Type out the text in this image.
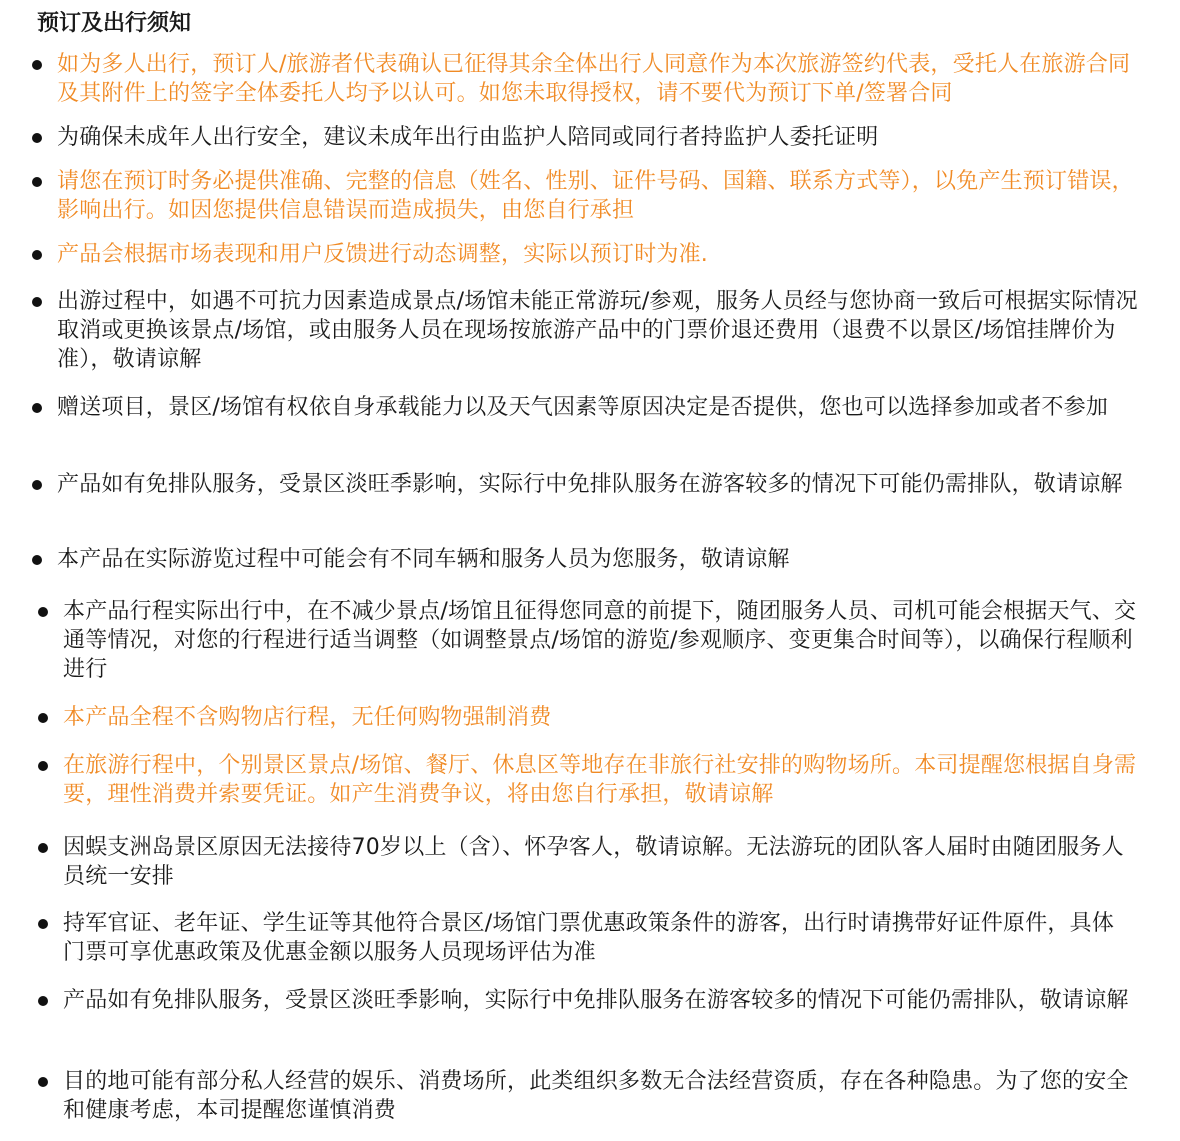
预订及出行须知
如为多人出行，预订人/旅游者代表确认已征得其余全体出行人同意作为本次旅游签约代表，受托人在旅游合同及其附件上的签字全体委托人均予以认可。如您未取得授权，请不要代为预订下单/签署合同
为确保未成年人出行安全，建议未成年出行由监护人陪同或同行者持监护人委托证明
请您在预订时务必提供准确、完整的信息（姓名、性别、证件号码、国籍、联系方式等），以免产生预订错误，影响出行。如因您提供信息错误而造成损失，由您自行承担
产品会根据市场表现和用户反馈进行动态调整，实际以预订时为准.
出游过程中，如遇不可抗力因素造成景点/场馆未能正常游玩/参观，服务人员经与您协商一致后可根据实际情况取消或更换该景点/场馆，或由服务人员在现场按旅游产品中的门票价退还费用（退费不以景区/场馆挂牌价为准），敬请谅解
赠送项目，景区/场馆有权依自身承载能力以及天气因素等原因决定是否提供，您也可以选择参加或者不参加
产品如有免排队服务，受景区淡旺季影响，实际行中免排队服务在游客较多的情况下可能仍需排队，敬请谅解
本产品在实际游览过程中可能会有不同车辆和服务人员为您服务，敬请谅解
本产品行程实际出行中，在不减少景点/场馆且征得您同意的前提下，随团服务人员、司机可能会根据天气、交通等情况，对您的行程进行适当调整（如调整景点/场馆的游览/参观顺序、变更集合时间等），以确保行程顺利进行
本产品全程不含购物店行程，无任何购物强制消费
在旅游行程中，个别景区景点/场馆、餐厅、休息区等地存在非旅行社安排的购物场所。本司提醒您根据自身需要，理性消费并索要凭证。如产生消费争议，将由您自行承担，敬请谅解
因蜈支洲岛景区原因无法接待70岁以上（含）、怀孕客人，敬请谅解。无法游玩的团队客人届时由随团服务人员统一安排
持军官证、老年证、学生证等其他符合景区/场馆门票优惠政策条件的游客，出行时请携带好证件原件，具体门票可享优惠政策及优惠金额以服务人员现场评估为准
产品如有免排队服务，受景区淡旺季影响，实际行中免排队服务在游客较多的情况下可能仍需排队，敬请谅解
目的地可能有部分私人经营的娱乐、消费场所，此类组织多数无合法经营资质，存在各种隐患。为了您的安全和健康考虑，本司提醒您谨慎消费
